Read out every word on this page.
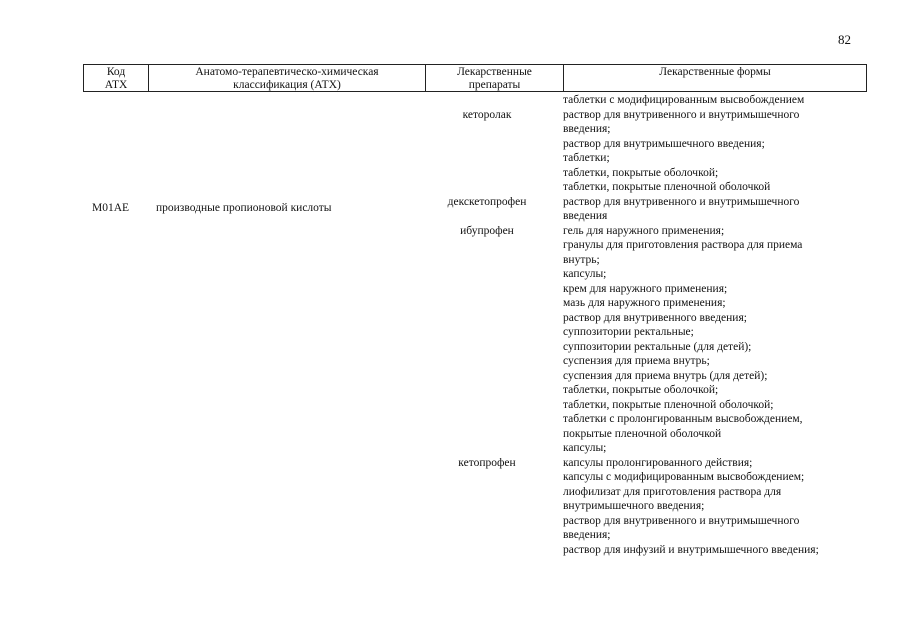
82
Код
АТХ
Анатомо-терапевтическо-химическая
классификация (АТХ)
Лекарственные
препараты
Лекарственные формы
M01AE производные пропионовой кислоты
кеторолак
декскетопрофен
ибупрофен
кетопрофен
таблетки с модифицированным высвобождением
раствор для внутривенного и внутримышечного
введения;
раствор для внутримышечного введения;
таблетки;
таблетки, покрытые оболочкой;
таблетки, покрытые пленочной оболочкой
раствор для внутривенного и внутримышечного
введения
гель для наружного применения;
гранулы для приготовления раствора для приема
внутрь;
капсулы;
крем для наружного применения;
мазь для наружного применения;
раствор для внутривенного введения;
суппозитории ректальные;
суппозитории ректальные (для детей);
суспензия для приема внутрь;
суспензия для приема внутрь (для детей);
таблетки, покрытые оболочкой;
таблетки, покрытые пленочной оболочкой;
таблетки с пролонгированным высвобождением,
покрытые пленочной оболочкой
капсулы;
капсулы пролонгированного действия;
капсулы с модифицированным высвобождением;
лиофилизат для приготовления раствора для
внутримышечного введения;
раствор для внутривенного и внутримышечного
введения;
раствор для инфузий и внутримышечного введения;
